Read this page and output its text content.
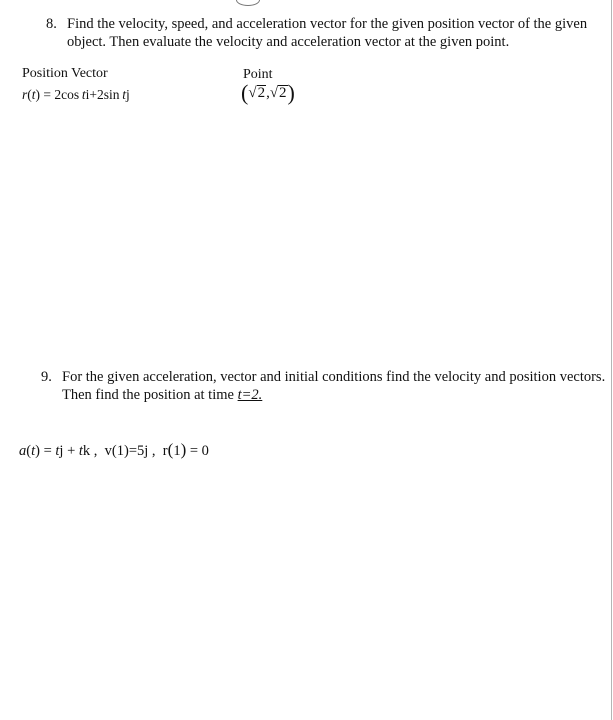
8. Find the velocity, speed, and acceleration vector for the given position vector of the given object. Then evaluate the velocity and acceleration vector at the given point.
Position Vector	Point
r(t) = 2cos  ti+2sin  tj	(√2,√2)
9. For the given acceleration, vector and initial conditions find the velocity and position vectors. Then find the position at time t=2.
a(t) = tj + tk ,  v(1)=5j ,  r(1) = 0
